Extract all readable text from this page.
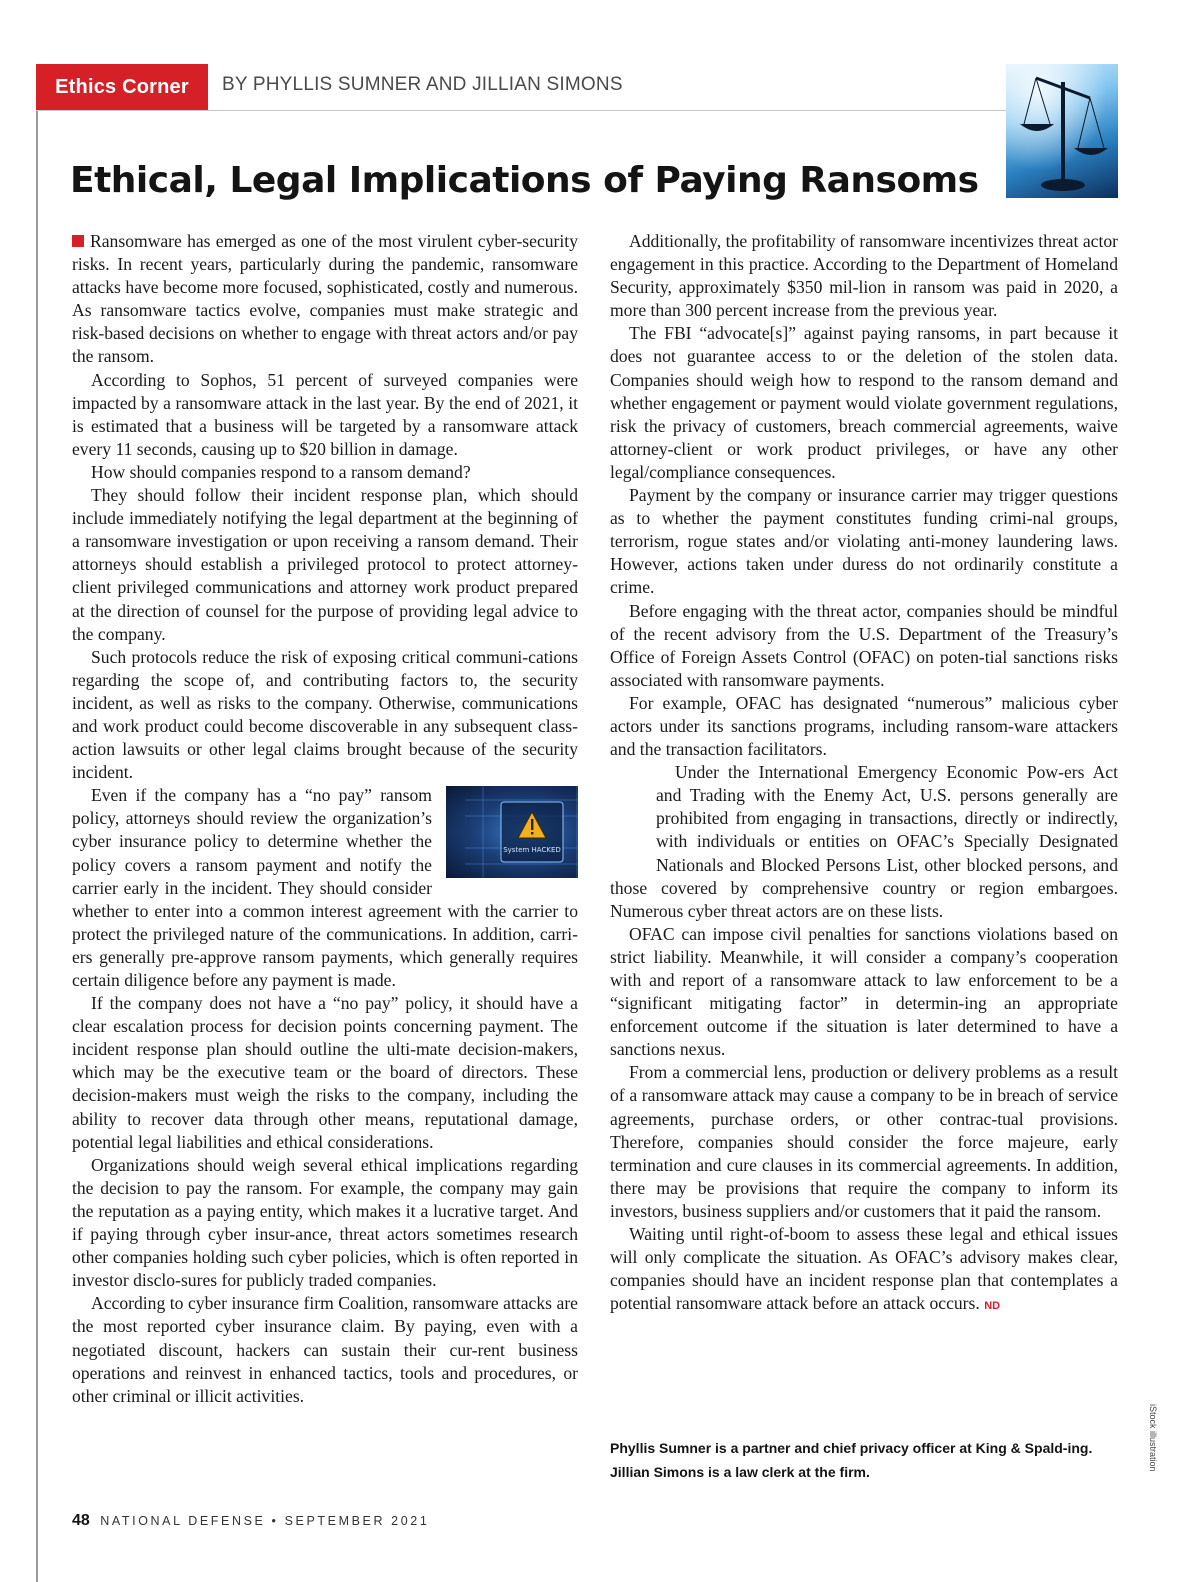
Ethics Corner	BY PHYLLIS SUMNER AND JILLIAN SIMONS
Ethical, Legal Implications of Paying Ransoms

Ransomware has emerged as one of the most virulent cyber-security risks. In recent years, particularly during the pandemic, ransomware attacks have become more focused, sophisticated, costly and numerous. As ransomware tactics evolve, companies must make strategic and risk-based decisions on whether to engage with threat actors and/or pay the ransom.

According to Sophos, 51 percent of surveyed companies were impacted by a ransomware attack in the last year. By the end of 2021, it is estimated that a business will be targeted by a ransomware attack every 11 seconds, causing up to $20 billion in damage.

How should companies respond to a ransom demand?

They should follow their incident response plan, which should include immediately notifying the legal department at the beginning of a ransomware investigation or upon receiving a ransom demand. Their attorneys should establish a privileged protocol to protect attorney-client privileged communications and attorney work product prepared at the direction of counsel for the purpose of providing legal advice to the company.

Such protocols reduce the risk of exposing critical communi-cations regarding the scope of, and contributing factors to, the security incident, as well as risks to the company. Otherwise, communications and work product could become discoverable in any subsequent class-action lawsuits or other legal claims brought because of the security incident.

System HACKED
Even if the company has a “no pay” ransom policy, attorneys should review the organization’s cyber insurance policy to determine whether the policy covers a ransom payment and notify the carrier early in the incident. They should consider whether to enter into a common interest agreement with the carrier to protect the privileged nature of the communications. In addition, carri-ers generally pre-approve ransom payments, which generally requires certain diligence before any payment is made.

If the company does not have a “no pay” policy, it should have a clear escalation process for decision points concerning payment. The incident response plan should outline the ulti-mate decision-makers, which may be the executive team or the board of directors. These decision-makers must weigh the risks to the company, including the ability to recover data through other means, reputational damage, potential legal liabilities and ethical considerations.

Organizations should weigh several ethical implications regarding the decision to pay the ransom. For example, the company may gain the reputation as a paying entity, which makes it a lucrative target. And if paying through cyber insur-ance, threat actors sometimes research other companies holding such cyber policies, which is often reported in investor disclo-sures for publicly traded companies.

According to cyber insurance firm Coalition, ransomware attacks are the most reported cyber insurance claim. By paying, even with a negotiated discount, hackers can sustain their cur-rent business operations and reinvest in enhanced tactics, tools and procedures, or other criminal or illicit activities.

Additionally, the profitability of ransomware incentivizes threat actor engagement in this practice. According to the Department of Homeland Security, approximately $350 mil-lion in ransom was paid in 2020, a more than 300 percent increase from the previous year.

The FBI “advocate[s]” against paying ransoms, in part because it does not guarantee access to or the deletion of the stolen data. Companies should weigh how to respond to the ransom demand and whether engagement or payment would violate government regulations, risk the privacy of customers, breach commercial agreements, waive attorney-client or work product privileges, or have any other legal/compliance consequences.

Payment by the company or insurance carrier may trigger questions as to whether the payment constitutes funding crimi-nal groups, terrorism, rogue states and/or violating anti-money laundering laws. However, actions taken under duress do not ordinarily constitute a crime.

Before engaging with the threat actor, companies should be mindful of the recent advisory from the U.S. Department of the Treasury’s Office of Foreign Assets Control (OFAC) on poten-tial sanctions risks associated with ransomware payments.

For example, OFAC has designated “numerous” malicious cyber actors under its sanctions programs, including ransom-ware attackers and the transaction facilitators.

Under the International Emergency Economic Pow-ers Act and Trading with the Enemy Act, U.S. persons generally are prohibited from engaging in transactions, directly or indirectly, with individuals or entities on OFAC’s Specially Designated Nationals and Blocked Persons List, other blocked persons, and those covered by comprehensive country or region embargoes. Numerous cyber threat actors are on these lists.

OFAC can impose civil penalties for sanctions violations based on strict liability. Meanwhile, it will consider a company’s cooperation with and report of a ransomware attack to law enforcement to be a “significant mitigating factor” in determin-ing an appropriate enforcement outcome if the situation is later determined to have a sanctions nexus.

From a commercial lens, production or delivery problems as a result of a ransomware attack may cause a company to be in breach of service agreements, purchase orders, or other contrac-tual provisions. Therefore, companies should consider the force majeure, early termination and cure clauses in its commercial agreements. In addition, there may be provisions that require the company to inform its investors, business suppliers and/or customers that it paid the ransom.

Waiting until right-of-boom to assess these legal and ethical issues will only complicate the situation. As OFAC’s advisory makes clear, companies should have an incident response plan that contemplates a potential ransomware attack before an attack occurs. ND

Phyllis Sumner is a partner and chief privacy officer at King & Spald-ing. Jillian Simons is a law clerk at the firm.

48 NATIONAL DEFENSE • SEPTEMBER 2021
iStock illustration
